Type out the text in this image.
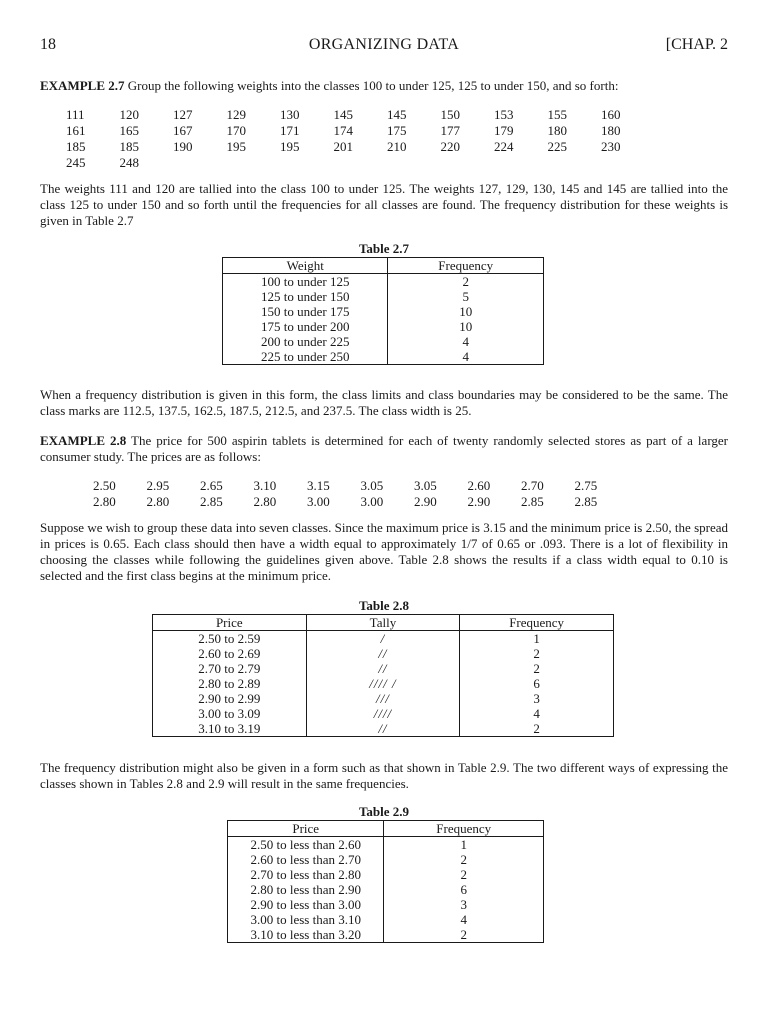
18	ORGANIZING DATA	[CHAP. 2
EXAMPLE 2.7 Group the following weights into the classes 100 to under 125, 125 to under 150, and so forth:
111	120	127	129	130	145	145	150	153	155	160
161	165	167	170	171	174	175	177	179	180	180
185	185	190	195	195	201	210	220	224	225	230
245	248
The weights 111 and 120 are tallied into the class 100 to under 125. The weights 127, 129, 130, 145 and 145 are tallied into the class 125 to under 150 and so forth until the frequencies for all classes are found. The frequency distribution for these weights is given in Table 2.7
Table 2.7
Weight	Frequency
100 to under 125	2
125 to under 150	5
150 to under 175	10
175 to under 200	10
200 to under 225	4
225 to under 250	4
When a frequency distribution is given in this form, the class limits and class boundaries may be considered to be the same. The class marks are 112.5, 137.5, 162.5, 187.5, 212.5, and 237.5. The class width is 25.
EXAMPLE 2.8 The price for 500 aspirin tablets is determined for each of twenty randomly selected stores as part of a larger consumer study. The prices are as follows:
2.50	2.95	2.65	3.10	3.15	3.05	3.05	2.60	2.70	2.75
2.80	2.80	2.85	2.80	3.00	3.00	2.90	2.90	2.85	2.85
Suppose we wish to group these data into seven classes. Since the maximum price is 3.15 and the minimum price is 2.50, the spread in prices is 0.65. Each class should then have a width equal to approximately 1/7 of 0.65 or .093. There is a lot of flexibility in choosing the classes while following the guidelines given above. Table 2.8 shows the results if a class width equal to 0.10 is selected and the first class begins at the minimum price.
Table 2.8
Price	Tally	Frequency
2.50 to 2.59	/	1
2.60 to 2.69	//	2
2.70 to 2.79	//	2
2.80 to 2.89	//// /	6
2.90 to 2.99	///	3
3.00 to 3.09	////	4
3.10 to 3.19	//	2
The frequency distribution might also be given in a form such as that shown in Table 2.9. The two different ways of expressing the classes shown in Tables 2.8 and 2.9 will result in the same frequencies.
Table 2.9
Price	Frequency
2.50 to less than 2.60	1
2.60 to less than 2.70	2
2.70 to less than 2.80	2
2.80 to less than 2.90	6
2.90 to less than 3.00	3
3.00 to less than 3.10	4
3.10 to less than 3.20	2
